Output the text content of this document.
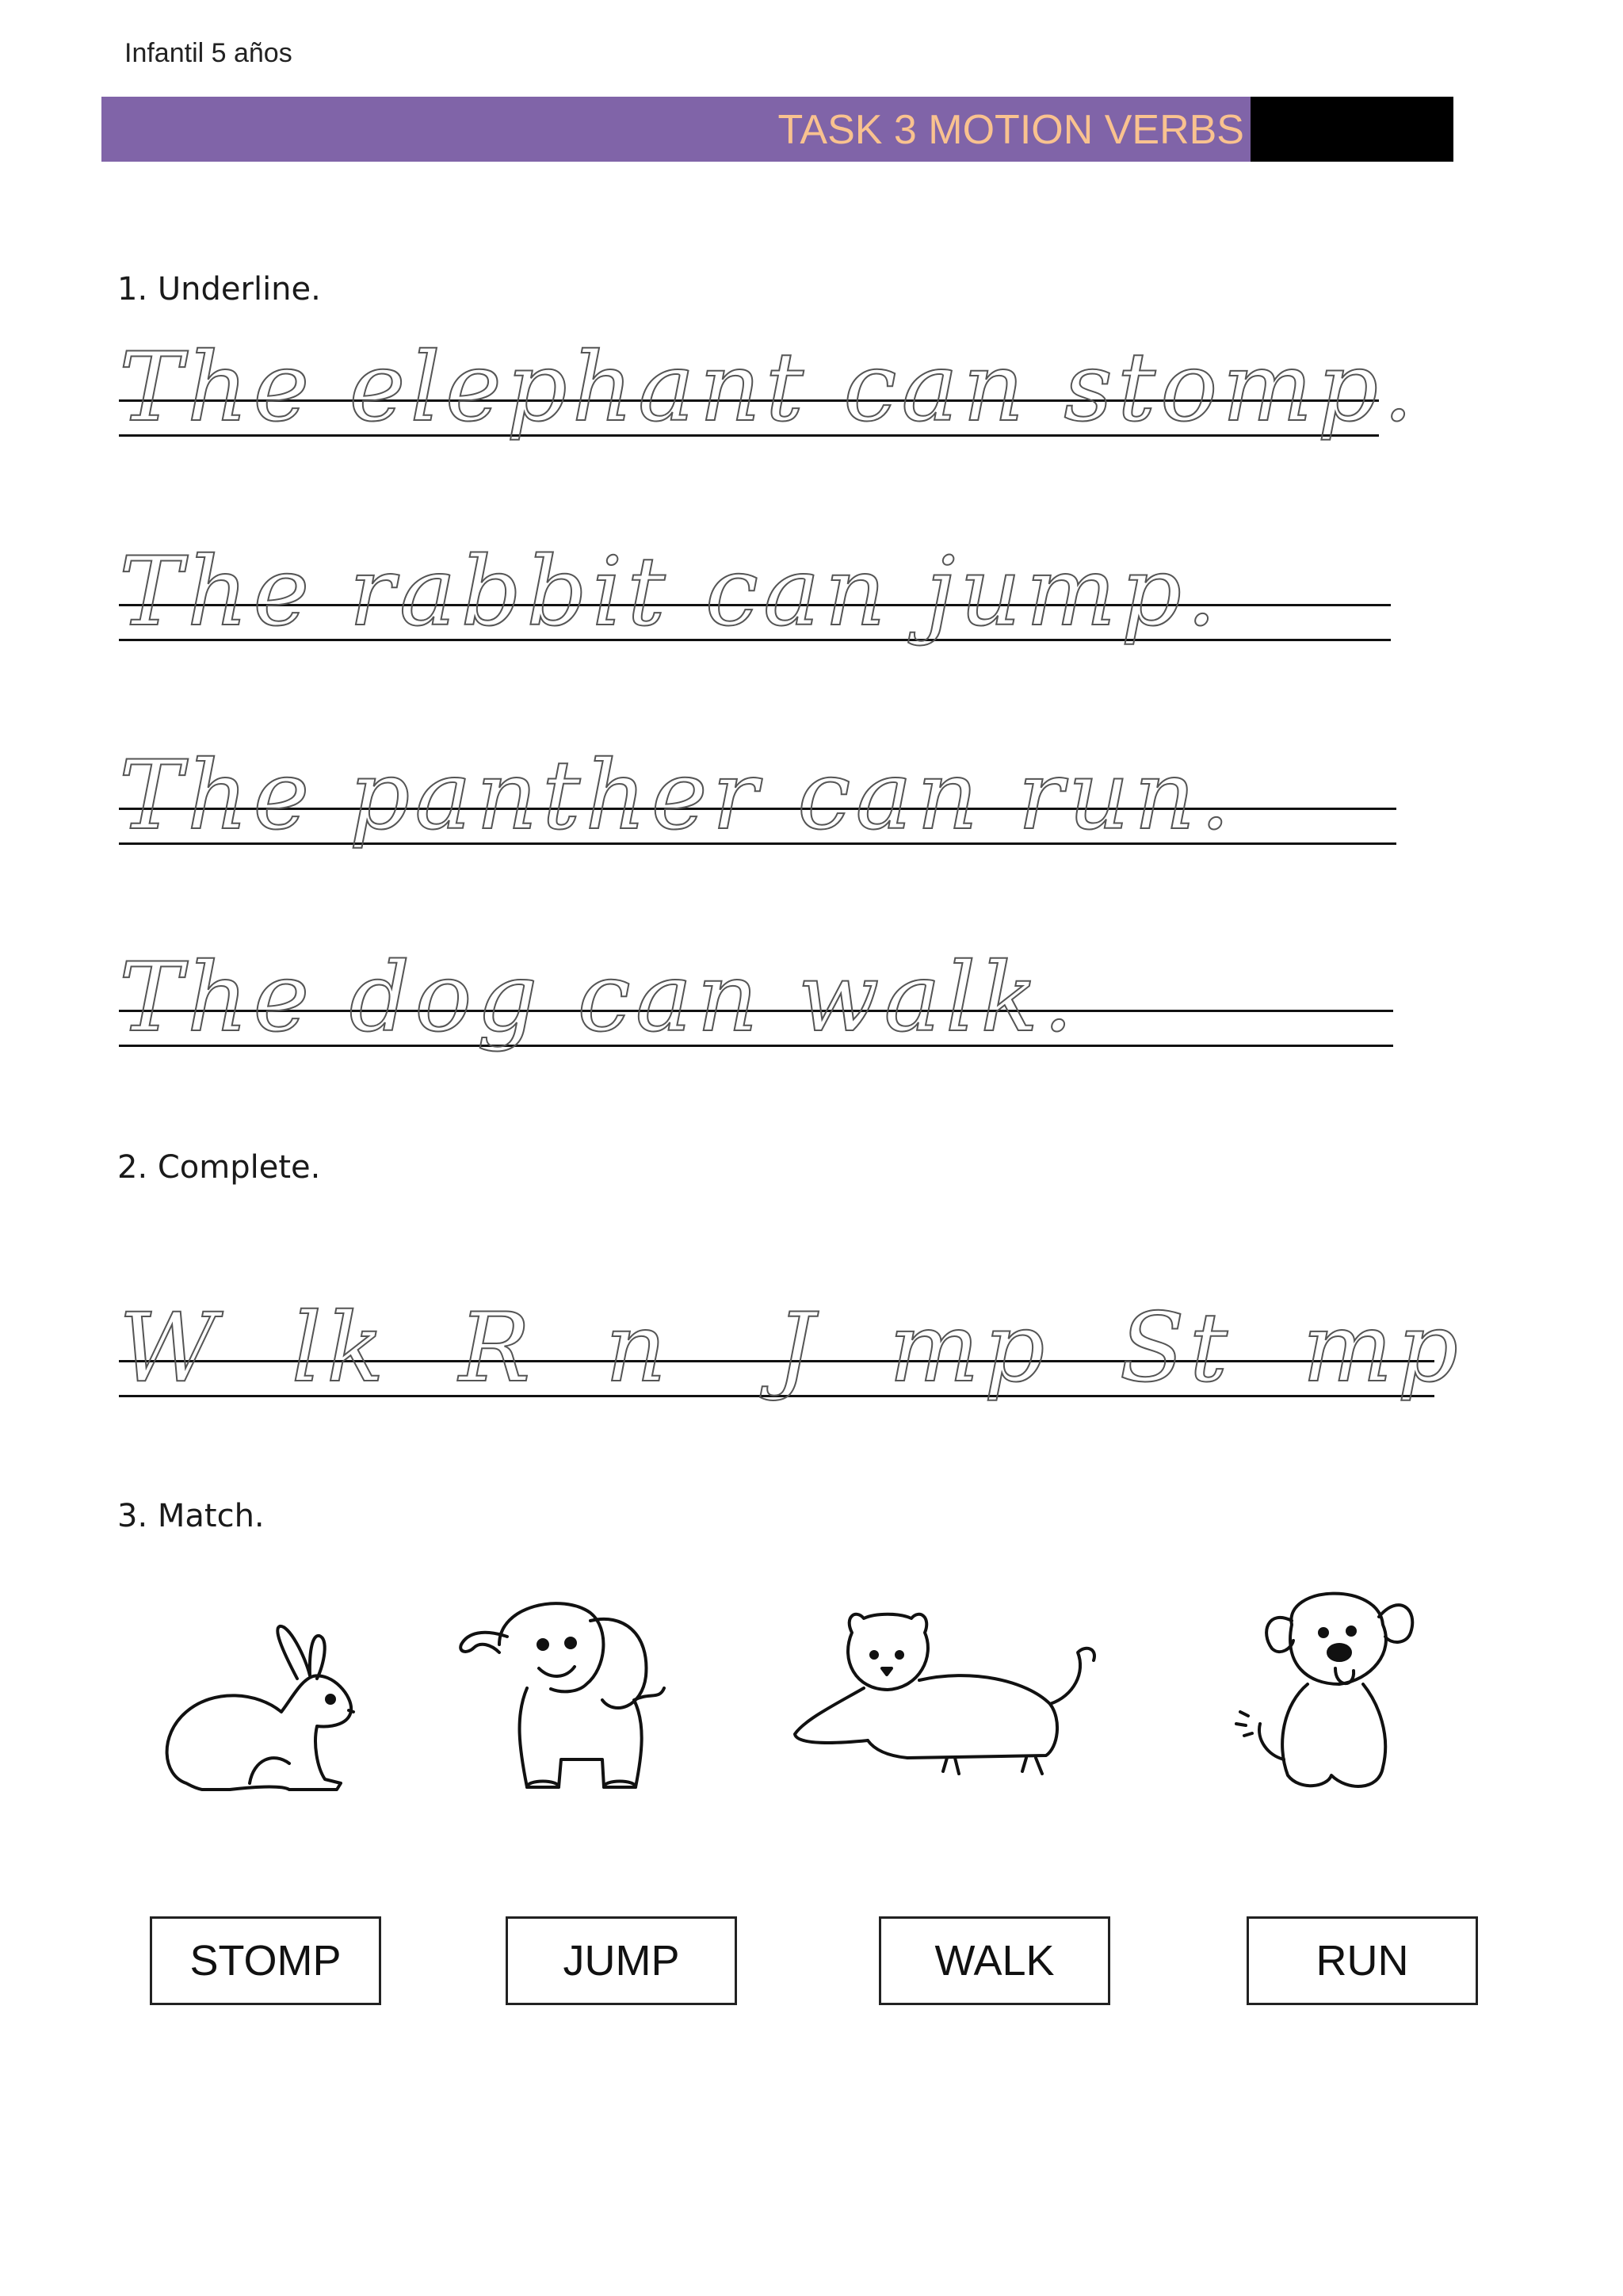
Infantil 5 años
TASK 3 MOTION VERBS
1. Underline.
The elephant can stomp.
The rabbit can jump.
The panther can run.
The dog can walk.
2. Complete.
W  lk  R  n   J  mp  St  mp
3. Match.
STOMP	JUMP	WALK	RUN
